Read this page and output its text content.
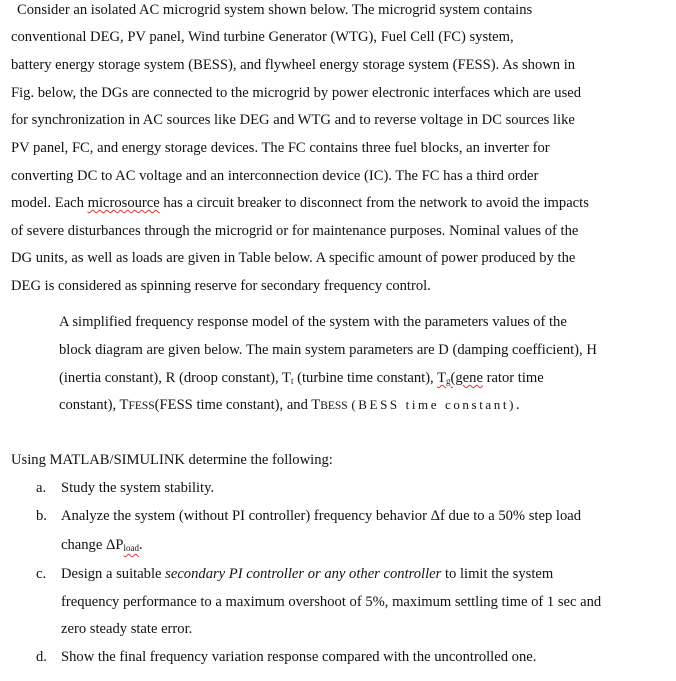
Consider an isolated AC microgrid system shown below. The microgrid system contains
conventional DEG, PV panel, Wind turbine Generator (WTG), Fuel Cell (FC) system,
battery energy storage system (BESS), and flywheel energy storage system (FESS). As shown in
Fig. below, the DGs are connected to the microgrid by power electronic interfaces which are used
for synchronization in AC sources like DEG and WTG and to reverse voltage in DC sources like
PV panel, FC, and energy storage devices. The FC contains three fuel blocks, an inverter for
converting DC to AC voltage and an interconnection device (IC). The FC has a third order
model. Each microsource has a circuit breaker to disconnect from the network to avoid the impacts
of severe disturbances through the microgrid or for maintenance purposes. Nominal values of the
DG units, as well as loads are given in Table below. A specific amount of power produced by the
DEG is considered as spinning reserve for secondary frequency control.
A simplified frequency response model of the system with the parameters values of the
block diagram are given below. The main system parameters are D (damping coefficient), H
(inertia constant), R (droop constant), $T_t$ (turbine time constant), $T_g(gene$ rator time
constant), TFESS(FESS time constant), and TBESS (BESS time constant).
Using MATLAB/SIMULINK determine the following:
a. Study the system stability.
b. Analyze the system (without PI controller) frequency behavior Δf due to a 50% step load
change $\Delta P_{load}$.
c. Design a suitable secondary PI controller or any other controller to limit the system
frequency performance to a maximum overshoot of 5%, maximum settling time of 1 sec and
zero steady state error.
d. Show the final frequency variation response compared with the uncontrolled one.
